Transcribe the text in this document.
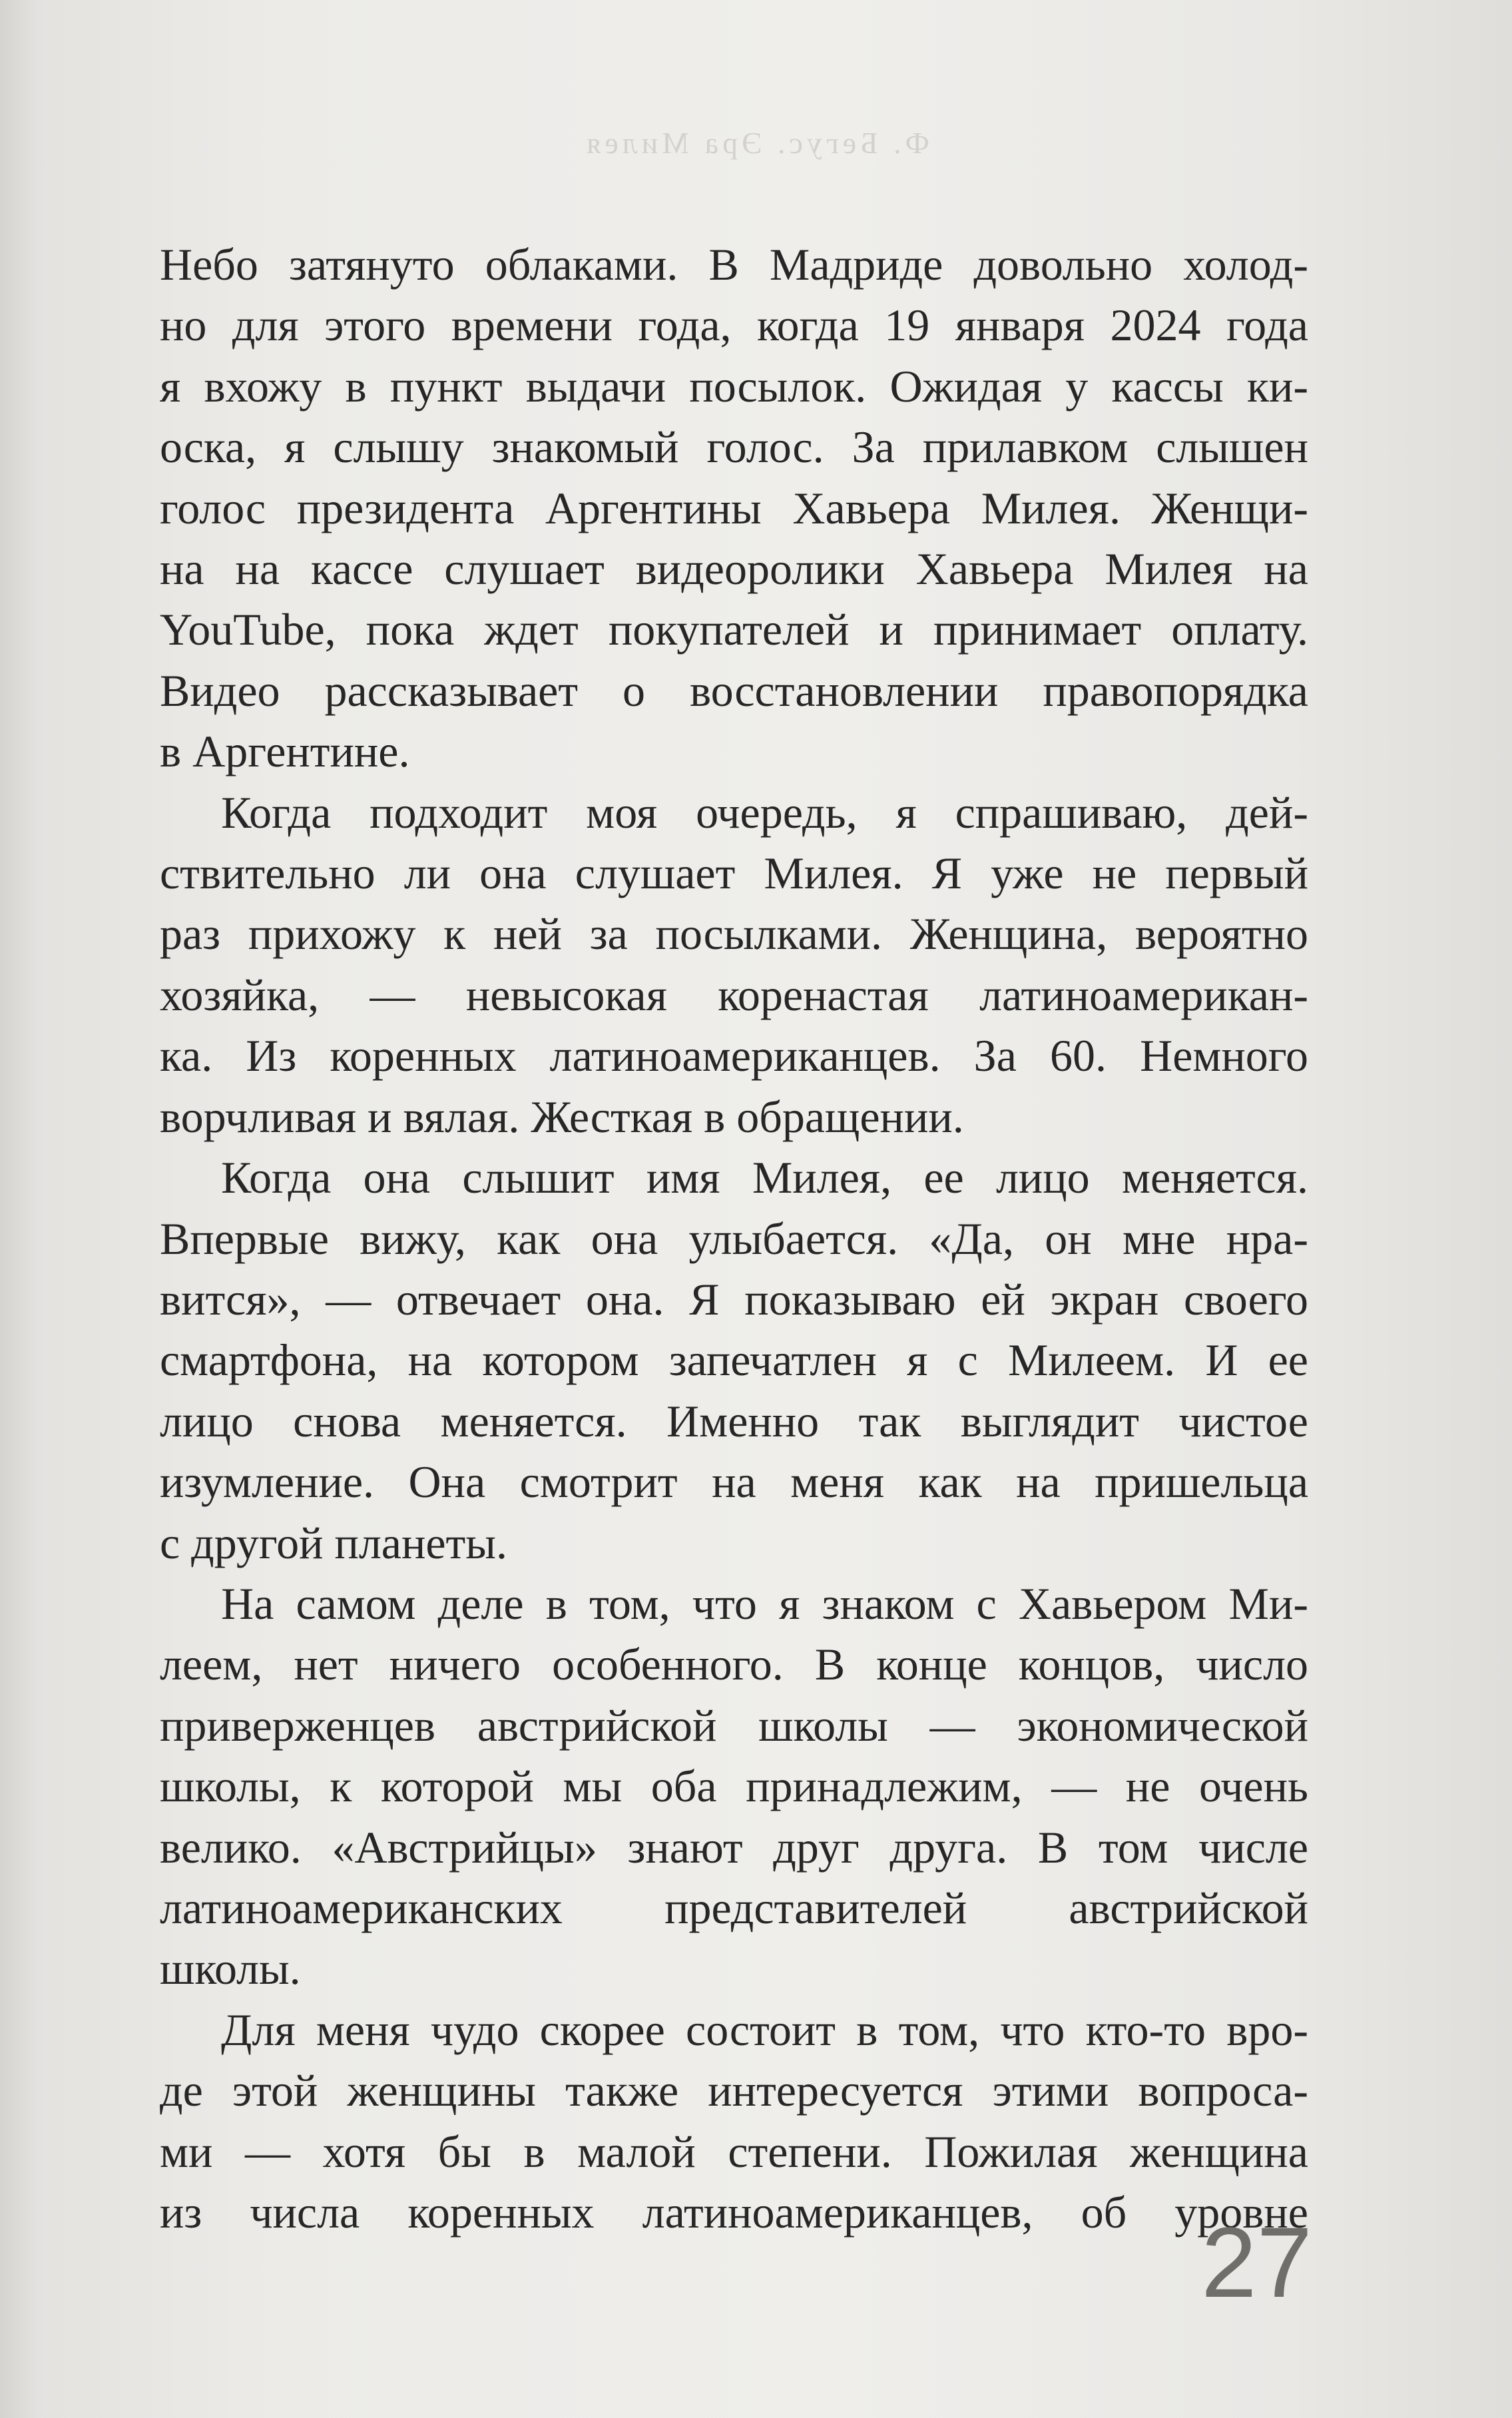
Ф. Бегус. Эра Милея

Небо затянуто облаками. В Мадриде довольно холод-
но для этого времени года, когда 19 января 2024 года
я вхожу в пункт выдачи посылок. Ожидая у кассы ки-
оска, я слышу знакомый голос. За прилавком слышен
голос президента Аргентины Хавьера Милея. Женщи-
на на кассе слушает видеоролики Хавьера Милея на
YouTube, пока ждет покупателей и принимает оплату.
Видео рассказывает о восстановлении правопорядка
в Аргентине.

Когда подходит моя очередь, я спрашиваю, дей-
ствительно ли она слушает Милея. Я уже не первый
раз прихожу к ней за посылками. Женщина, вероятно
хозяйка, — невысокая коренастая латиноамерикан-
ка. Из коренных латиноамериканцев. За 60. Немного
ворчливая и вялая. Жесткая в обращении.

Когда она слышит имя Милея, ее лицо меняется.
Впервые вижу, как она улыбается. «Да, он мне нра-
вится», — отвечает она. Я показываю ей экран своего
смартфона, на котором запечатлен я с Милеем. И ее
лицо снова меняется. Именно так выглядит чистое
изумление. Она смотрит на меня как на пришельца
с другой планеты.

На самом деле в том, что я знаком с Хавьером Ми-
леем, нет ничего особенного. В конце концов, число
приверженцев австрийской школы — экономической
школы, к которой мы оба принадлежим, — не очень
велико. «Австрийцы» знают друг друга. В том числе
латиноамериканских представителей австрийской
школы.

Для меня чудо скорее состоит в том, что кто-то вро-
де этой женщины также интересуется этими вопроса-
ми — хотя бы в малой степени. Пожилая женщина
из числа коренных латиноамериканцев, об уровне

27
